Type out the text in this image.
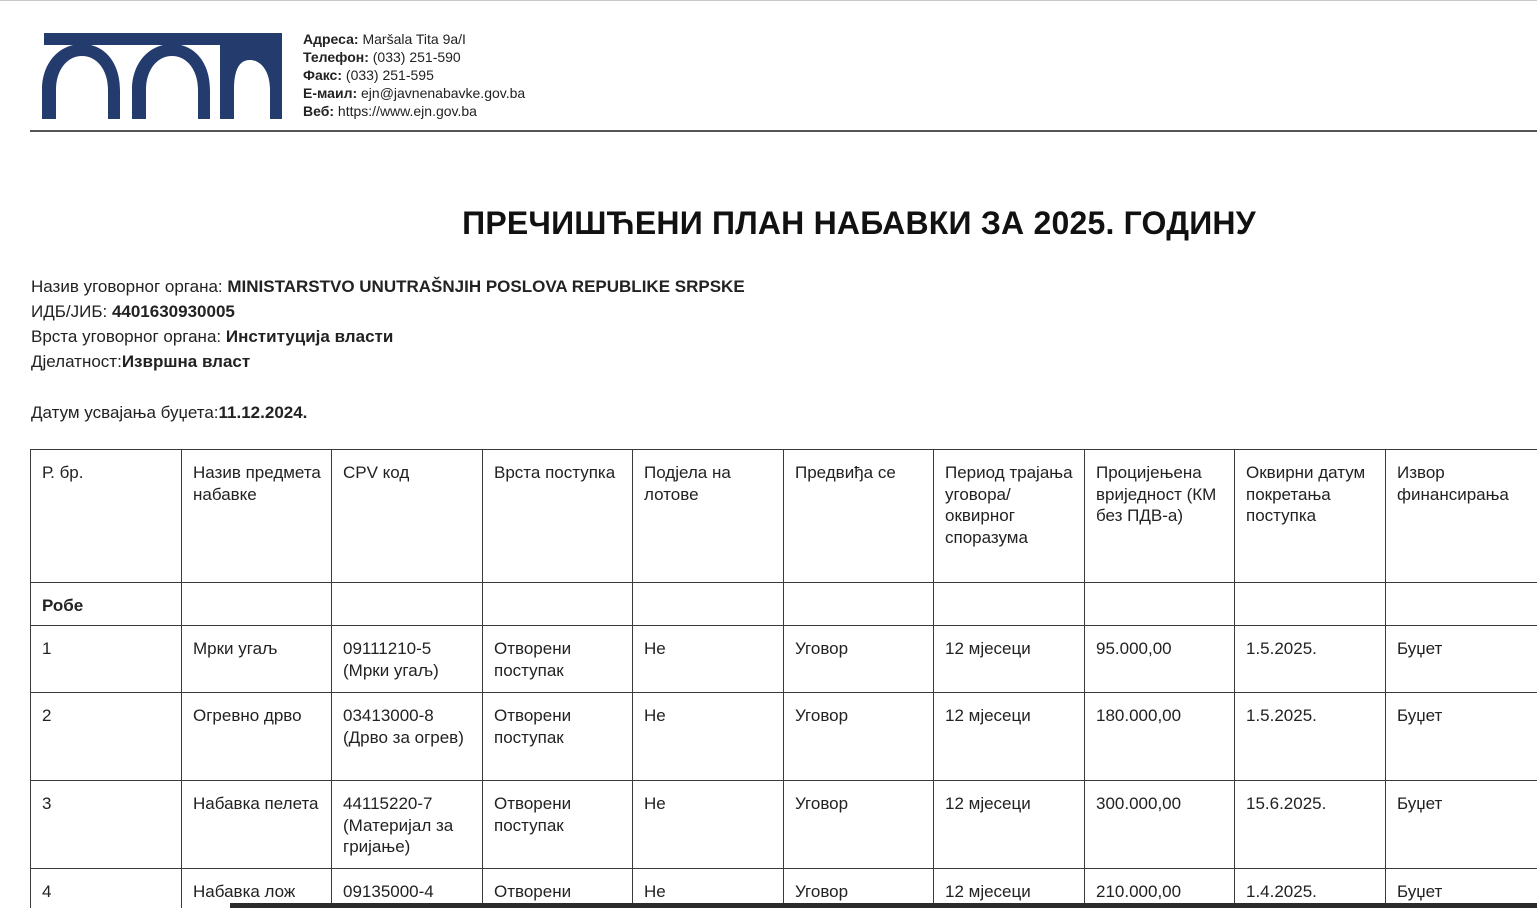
Адреса: Maršala Tita 9a/I
Телефон: (033) 251-590
Факс: (033) 251-595
Е-маил: ejn@javnenabavke.gov.ba
Веб: https://www.ejn.gov.ba
ПРЕЧИШЋЕНИ ПЛАН НАБАВКИ ЗА 2025. ГОДИНУ
Назив уговорног органа: MINISTARSTVO UNUTRAŠNJIH POSLOVA REPUBLIKE SRPSKE
ИДБ/ЈИБ: 4401630930005
Врста уговорног органа: Институција власти
Дјелатност:Извршна власт
Датум усвајања буџета:11.12.2024.
Р. бр.	Назив предмета набавке	CPV код	Врста поступка	Подјела на лотове	Предвиђа се	Период трајања уговора/оквирног споразума	Процијењена вриједност (КМ без ПДВ-а)	Оквирни датум покретања поступка	Извор финансирања
Робе									
1	Мрки угаљ	09111210-5 (Мрки угаљ)	Отворени поступак	Не	Уговор	12 мјесеци	95.000,00	1.5.2025.	Буџет
2	Огревно дрво	03413000-8 (Дрво за огрев)	Отворени поступак	Не	Уговор	12 мјесеци	180.000,00	1.5.2025.	Буџет
3	Набавка пелета	44115220-7 (Материјал за гријање)	Отворени поступак	Не	Уговор	12 мјесеци	300.000,00	15.6.2025.	Буџет
4	Набавка лож	09135000-4	Отворени	Не	Уговор	12 мјесеци	210.000,00	1.4.2025.	Буџет
